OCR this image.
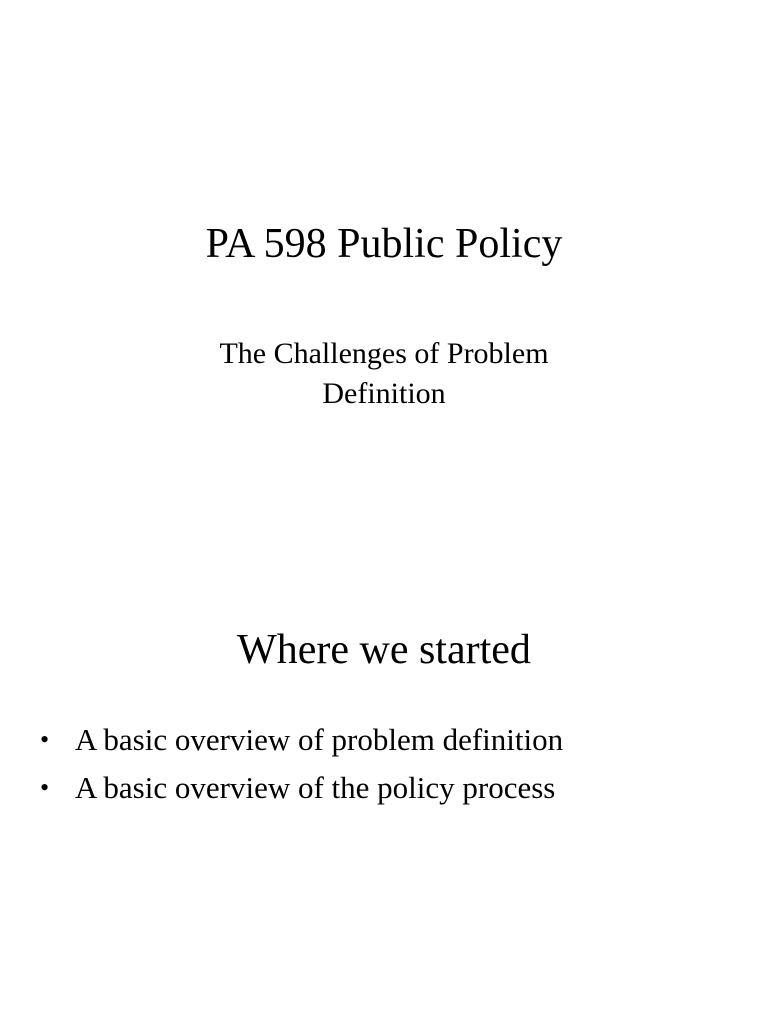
PA 598 Public Policy
The Challenges of Problem Definition
Where we started
• A basic overview of problem definition
• A basic overview of the policy process
